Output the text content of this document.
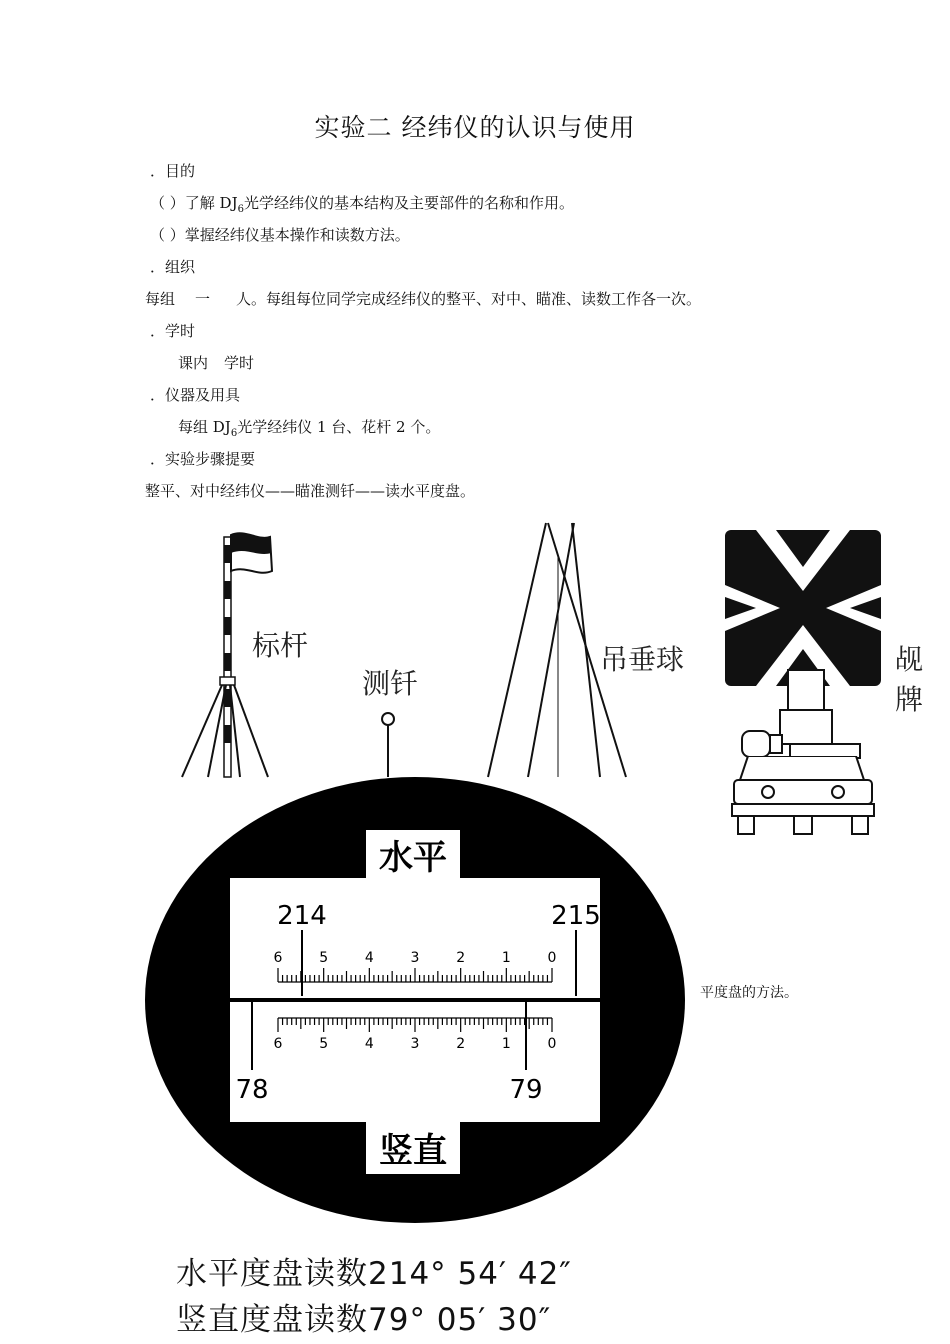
实验二 经纬仪的认识与使用
．目的
（ ）了解 $DJ_6$光学经纬仪的基本结构及主要部件的名称和作用。
（ ）掌握经纬仪基本操作和读数方法。
．组织
每组 一 人。每组每位同学完成经纬仪的整平、对中、瞄准、读数工作各一次。
．学时
课内 学时
．仪器及用具
每组 $DJ_6$光学经纬仪 1 台、花杆 2 个。
．实验步骤提要
整平、对中经纬仪——瞄准测钎——读水平度盘。
标杆
测钎
吊垂球	觇牌
水平
竖直
214	215
78	79
6	5	4	3	2	1	0
6	5	4	3	2	1	0
平度盘的方法。
水平度盘读数214° 54′ 42″
竖直度盘读数79° 05′ 30″
